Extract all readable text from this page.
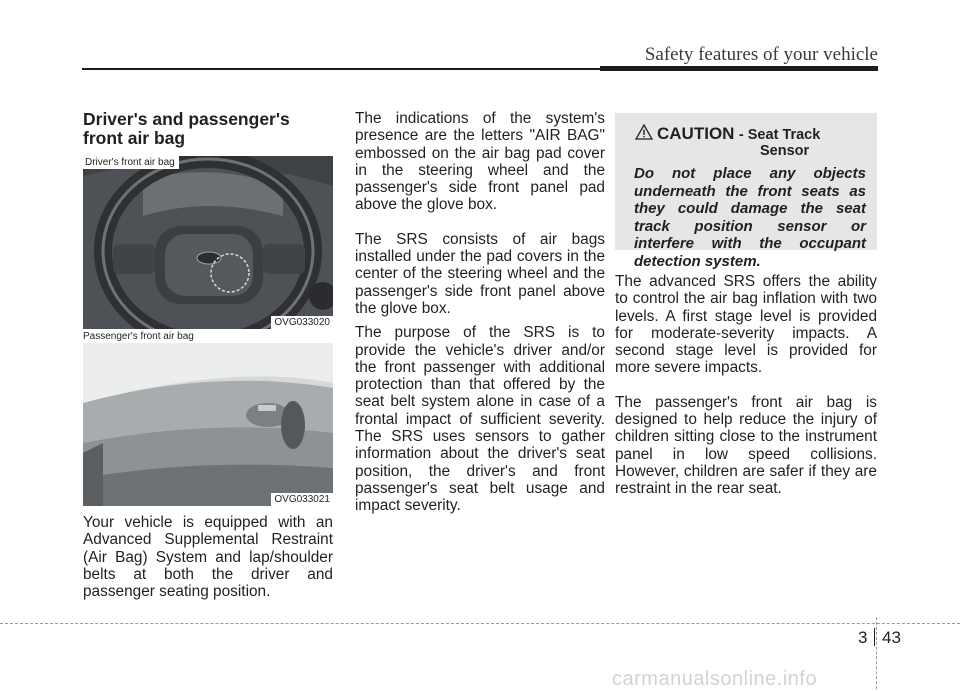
Safety features of your vehicle
Driver's and passenger's front air bag
Driver's front air bag
OVG033020
Passenger's front air bag
OVG033021

Your vehicle is equipped with an Advanced Supplemental Restraint (Air Bag) System and lap/shoulder belts at both the driver and passenger seating position.

The indications of the system's presence are the letters "AIR BAG" embossed on the air bag pad cover in the steering wheel and the passenger's side front panel pad above the glove box.

The SRS consists of air bags installed under the pad covers in the center of the steering wheel and the passenger's side front panel above the glove box.

The purpose of the SRS is to provide the vehicle's driver and/or the front passenger with additional protection than that offered by the seat belt system alone in case of a frontal impact of sufficient severity. The SRS uses sensors to gather information about the driver's seat position, the driver's and front passenger's seat belt usage and impact severity.

CAUTION - Seat Track
Sensor
Do not place any objects underneath the front seats as they could damage the seat track position sensor or interfere with the occupant detection system.

The advanced SRS offers the ability to control the air bag inflation with two levels. A first stage level is provided for moderate-severity impacts. A second stage level is provided for more severe impacts.

The passenger's front air bag is designed to help reduce the injury of children sitting close to the instrument panel in low speed collisions. However, children are safer if they are restraint in the rear seat.

3 43
carmanualsonline.info
